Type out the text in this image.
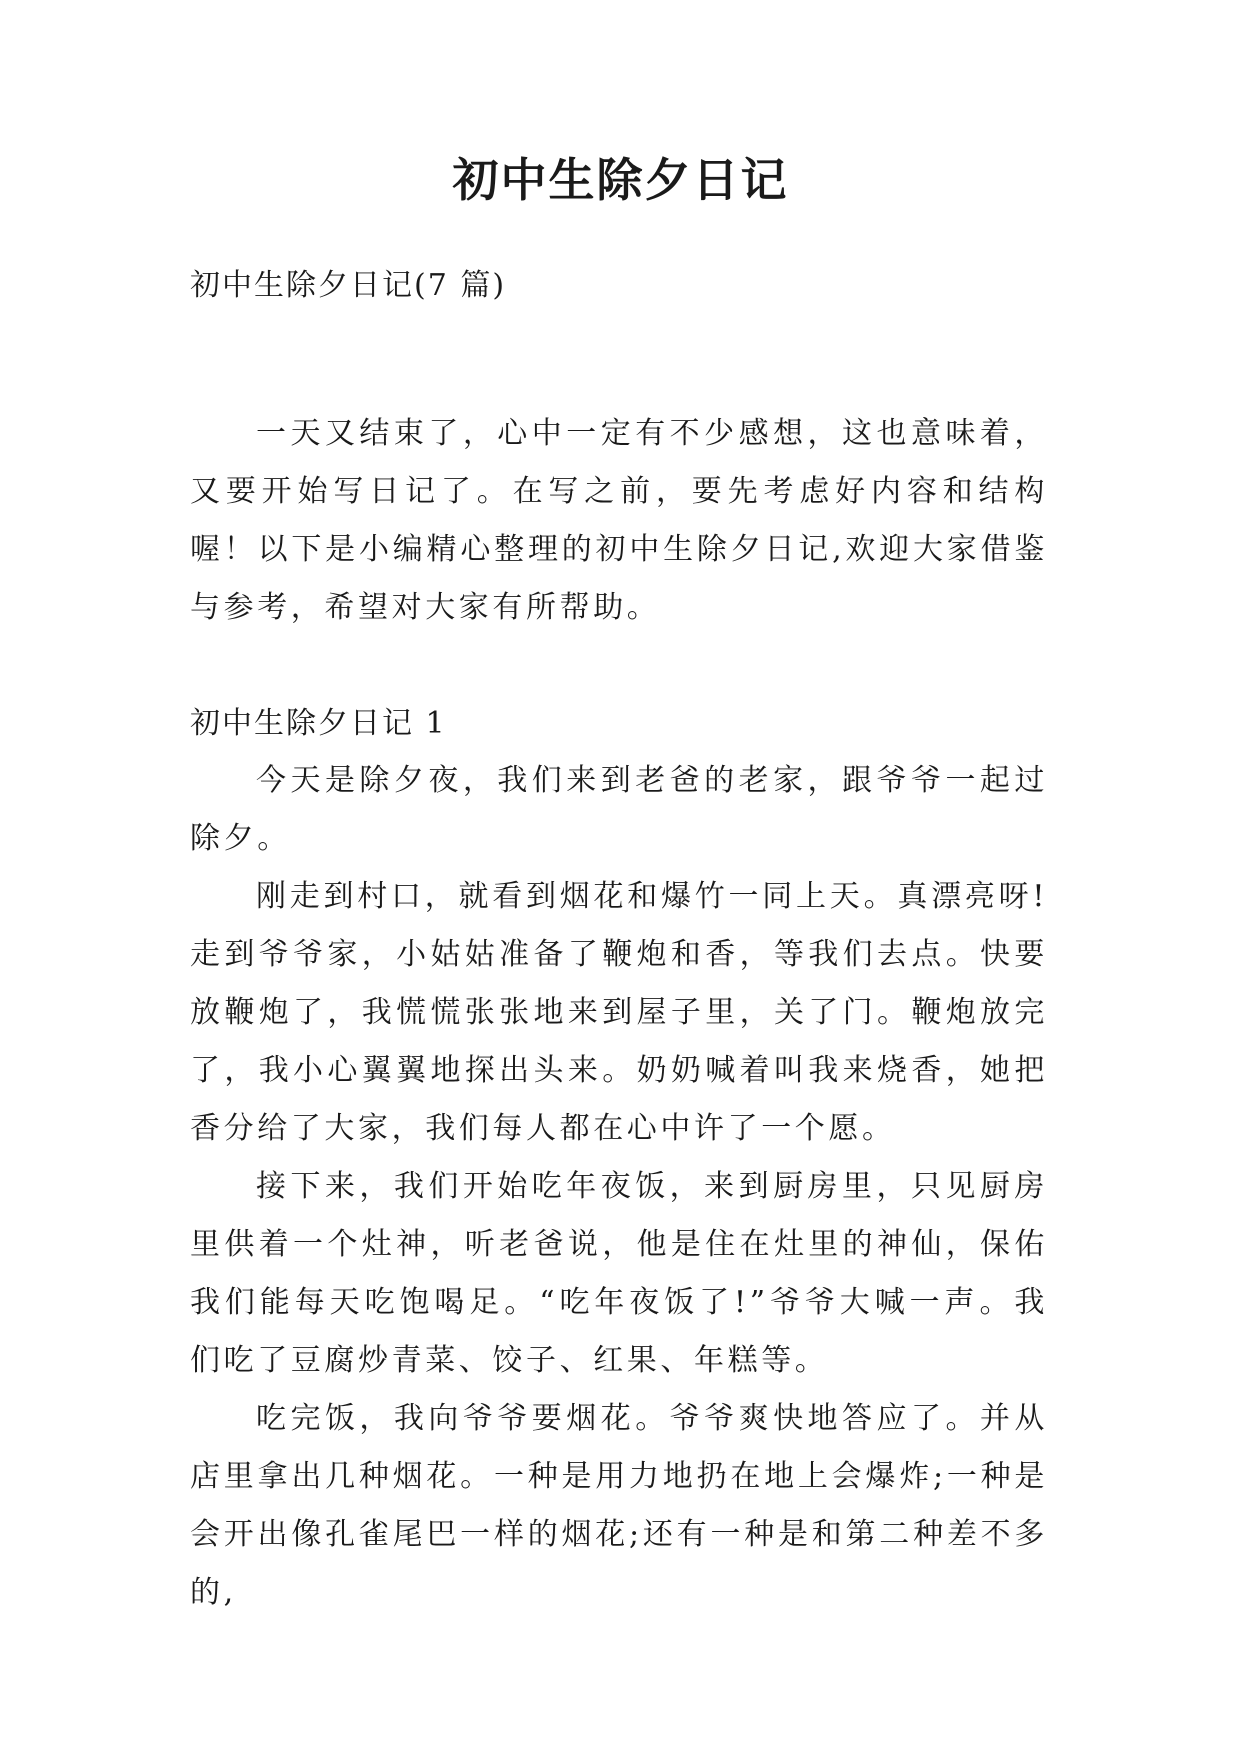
初中生除夕日记
初中生除夕日记(7 篇)

一天又结束了，心中一定有不少感想，这也意味着，又要开始写日记了。在写之前，要先考虑好内容和结构喔！以下是小编精心整理的初中生除夕日记,欢迎大家借鉴与参考，希望对大家有所帮助。

初中生除夕日记 1

今天是除夕夜，我们来到老爸的老家，跟爷爷一起过除夕。

刚走到村口，就看到烟花和爆竹一同上天。真漂亮呀!走到爷爷家，小姑姑准备了鞭炮和香，等我们去点。快要放鞭炮了，我慌慌张张地来到屋子里，关了门。鞭炮放完了，我小心翼翼地探出头来。奶奶喊着叫我来烧香，她把香分给了大家，我们每人都在心中许了一个愿。

接下来，我们开始吃年夜饭，来到厨房里，只见厨房里供着一个灶神，听老爸说，他是住在灶里的神仙，保佑我们能每天吃饱喝足。“吃年夜饭了!”爷爷大喊一声。我们吃了豆腐炒青菜、饺子、红果、年糕等。

吃完饭，我向爷爷要烟花。爷爷爽快地答应了。并从店里拿出几种烟花。一种是用力地扔在地上会爆炸;一种是会开出像孔雀尾巴一样的烟花;还有一种是和第二种差不多的,
